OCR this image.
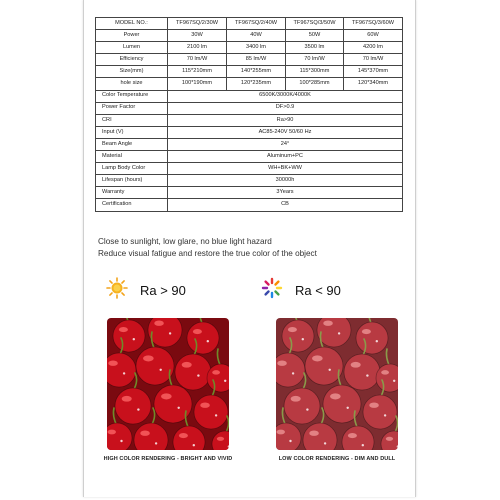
MODEL NO.:	TF967SQ/2/30W	TF967SQ/2/40W	TF967SQ/3/50W	TF967SQ/3/60W
Power	30W	40W	50W	60W
Lumen	2100 lm	3400 lm	3500 lm	4200 lm
Efficiency	70 lm/W	85 lm/W	70 lm/W	70 lm/W
Size(mm)	115*210mm	140*255mm	115*300mm	145*370mm
hole size	100*190mm	120*235mm	100*285mm	120*340mm
Color Temperature	6500K/3000K/4000K			
Power Factor	DF>0.9			
CRI	Ra>90			
Input (V)	AC85-240V 50/60 Hz			
Beam Angle	24°			
Material	Aluminum+PC			
Lamp Body Color	WH+BK+WW			
Lifespan (hours)	30000h			
Warranty	3Years			
Certification	CB			
Close to sunlight, low glare, no blue light hazard
Reduce visual fatigue and restore the true color of the object
Ra > 90	Ra < 90
HIGH COLOR RENDERING - BRIGHT AND VIVID	LOW COLOR RENDERING - DIM AND DULL
